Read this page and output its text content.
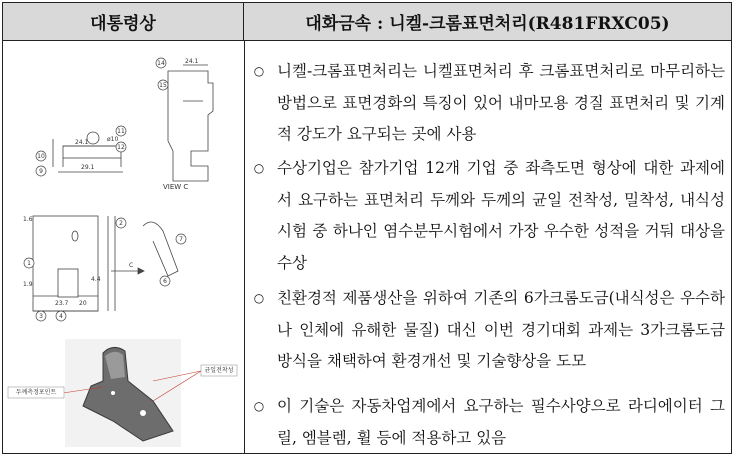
대통령상	대화금속 : 니켈-크롬표면처리(R481FRXC05)
24.1
29.1
24.1
1.6
4.4
1.9
23.7 20
C
ø10
VIEW C
14
15
11
12
10
9
2
1
3	4
7
6
균일전착성
두께측정포인트
○ 니켈-크롬표면처리는 니켈표면처리 후 크롬표면처리로 마무리하는 방법으로 표면경화의 특징이 있어 내마모용 경질 표면처리 및 기계적 강도가 요구되는 곳에 사용
○ 수상기업은 참가기업 12개 기업 중 좌측도면 형상에 대한 과제에서 요구하는 표면처리 두께와 두께의 균일 전착성, 밀착성, 내식성시험 중 하나인 염수분무시험에서 가장 우수한 성적을 거둬 대상을 수상
○ 친환경적 제품생산을 위하여 기존의 6가크롬도금(내식성은 우수하나 인체에 유해한 물질) 대신 이번 경기대회 과제는 3가크롬도금 방식을 채택하여 환경개선 및 기술향상을 도모
○ 이 기술은 자동차업계에서 요구하는 필수사양으로 라디에이터 그릴, 엠블렘, 휠 등에 적용하고 있음
